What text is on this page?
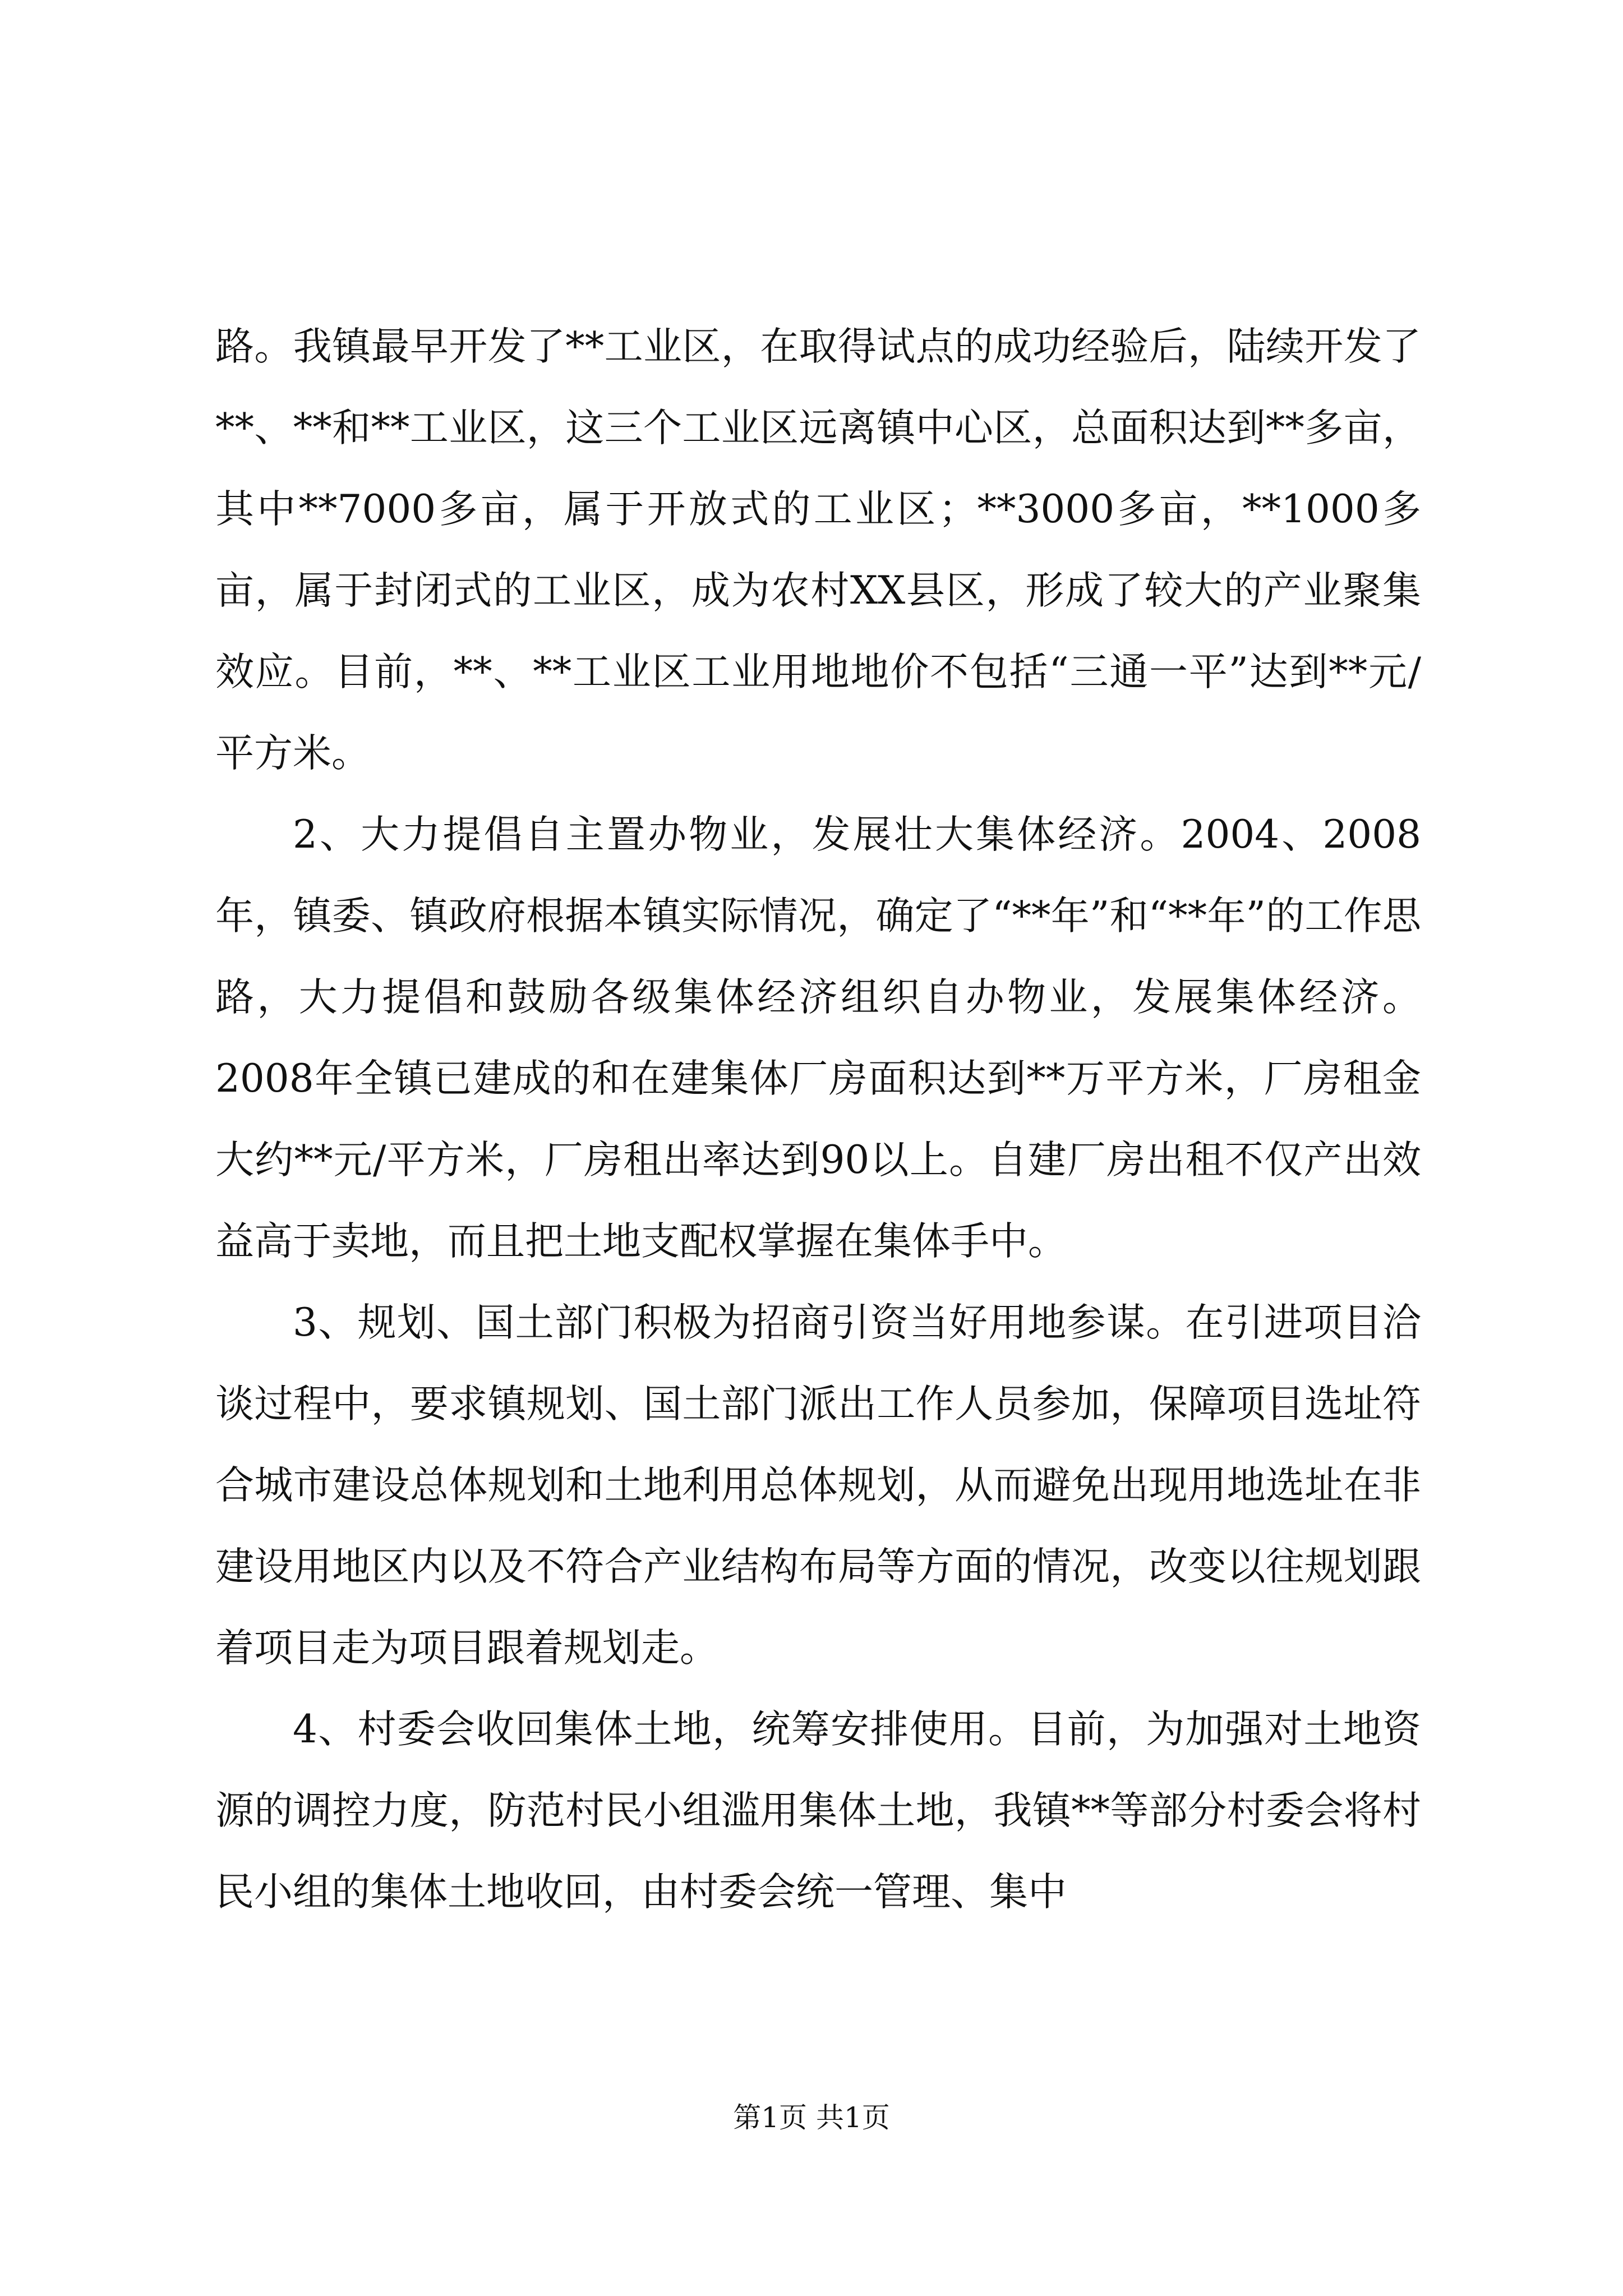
路。我镇最早开发了**工业区，在取得试点的成功经验后，陆续开发了**、**和**工业区，这三个工业区远离镇中心区，总面积达到**多亩，其中**7000多亩，属于开放式的工业区；**3000多亩，**1000多亩，属于封闭式的工业区，成为农村XX县区，形成了较大的产业聚集效应。目前，**、**工业区工业用地地价不包括“三通一平”达到**元/平方米。

2、大力提倡自主置办物业，发展壮大集体经济。2004、2008年，镇委、镇政府根据本镇实际情况，确定了“**年”和“**年”的工作思路，大力提倡和鼓励各级集体经济组织自办物业，发展集体经济。2008年全镇已建成的和在建集体厂房面积达到**万平方米，厂房租金大约**元/平方米，厂房租出率达到90以上。自建厂房出租不仅产出效益高于卖地，而且把土地支配权掌握在集体手中。

3、规划、国土部门积极为招商引资当好用地参谋。在引进项目洽谈过程中，要求镇规划、国土部门派出工作人员参加，保障项目选址符合城市建设总体规划和土地利用总体规划，从而避免出现用地选址在非建设用地区内以及不符合产业结构布局等方面的情况，改变以往规划跟着项目走为项目跟着规划走。

4、村委会收回集体土地，统筹安排使用。目前，为加强对土地资源的调控力度，防范村民小组滥用集体土地，我镇**等部分村委会将村民小组的集体土地收回，由村委会统一管理、集中

第1页 共1页
